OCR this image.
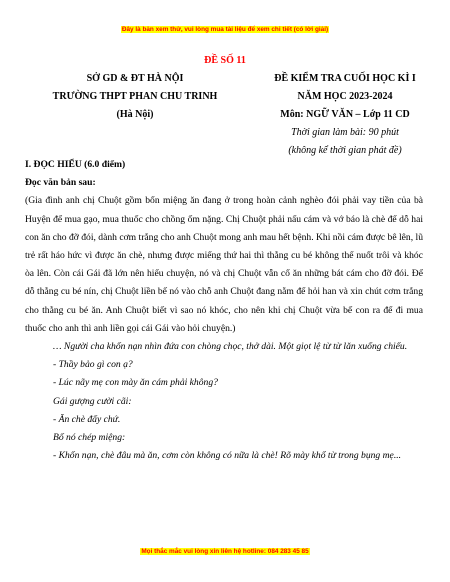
Đây là bản xem thử, vui lòng mua tài liệu để xem chi tiết (có lời giải)
ĐỀ SỐ 11
SỞ GD & ĐT HÀ NỘI
TRƯỜNG THPT PHAN CHU TRINH
(Hà Nội)
ĐỀ KIỂM TRA CUỐI HỌC KÌ I
NĂM HỌC 2023-2024
Môn: NGỮ VĂN – Lớp 11 CD
Thời gian làm bài: 90 phút
(không kể thời gian phát đề)

I. ĐỌC HIỂU (6.0 điểm)

Đọc văn bản sau:

(Gia đình anh chị Chuột gồm bốn miệng ăn đang ở trong hoàn cảnh nghèo đói phải vay tiền của bà Huyện để mua gạo, mua thuốc cho chồng ốm nặng. Chị Chuột phải nấu cám và vớ báo là chè để dỗ hai con ăn cho đỡ đói, dành cơm trắng cho anh Chuột mong anh mau hết bệnh. Khi nồi cám được bê lên, lũ trẻ rất háo hức vì được ăn chè, nhưng được miếng thứ hai thì thằng cu bé không thể nuốt trôi và khóc òa lên. Còn cái Gái đã lớn nên hiểu chuyện, nó và chị Chuột vẫn cố ăn những bát cám cho đỡ đói. Để dỗ thằng cu bé nín, chị Chuột liền bế nó vào chỗ anh Chuột đang nằm để hỏi han và xin chút cơm trắng cho thằng cu bé ăn. Anh Chuột biết vì sao nó khóc, cho nên khi chị Chuột vừa bế con ra để đi mua thuốc cho anh thì anh liền gọi cái Gái vào hỏi chuyện.)

… Người cha khốn nạn nhìn đứa con chòng chọc, thở dài. Một giọt lệ từ từ lăn xuống chiếu.

- Thầy bảo gì con ạ?

- Lúc nãy mẹ con mày ăn cám phải không?

Gái gượng cười cãi:

- Ăn chè đấy chứ.

Bố nó chép miệng:

- Khốn nạn, chè đâu mà ăn, cơm còn không có nữa là chè! Rõ mày khổ từ trong bụng mẹ...

Mọi thắc mắc vui lòng xin liên hệ hotline: 084 283 45 85
